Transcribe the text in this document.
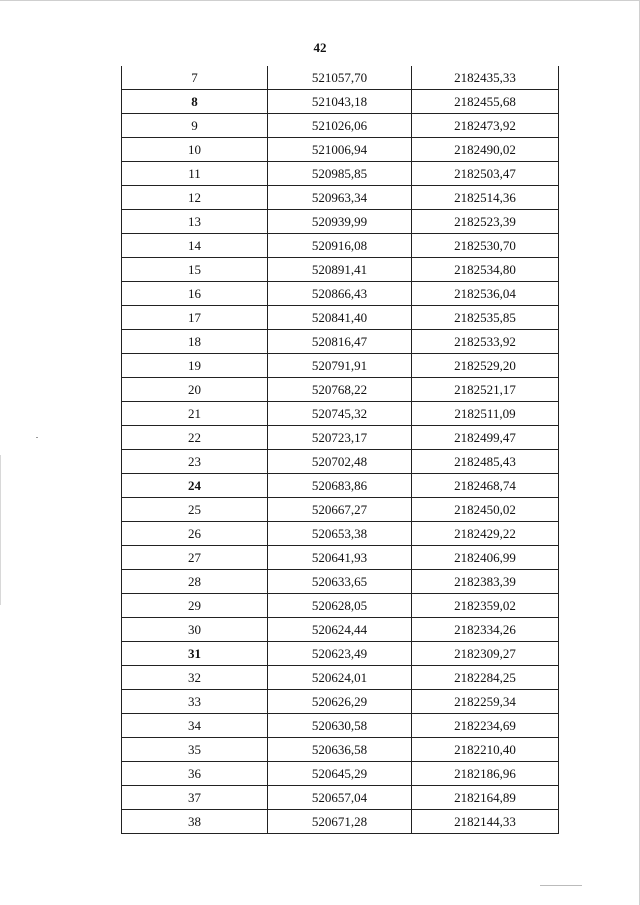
42
7	521057,70	2182435,33
8	521043,18	2182455,68
9	521026,06	2182473,92
10	521006,94	2182490,02
11	520985,85	2182503,47
12	520963,34	2182514,36
13	520939,99	2182523,39
14	520916,08	2182530,70
15	520891,41	2182534,80
16	520866,43	2182536,04
17	520841,40	2182535,85
18	520816,47	2182533,92
19	520791,91	2182529,20
20	520768,22	2182521,17
21	520745,32	2182511,09
22	520723,17	2182499,47
23	520702,48	2182485,43
24	520683,86	2182468,74
25	520667,27	2182450,02
26	520653,38	2182429,22
27	520641,93	2182406,99
28	520633,65	2182383,39
29	520628,05	2182359,02
30	520624,44	2182334,26
31	520623,49	2182309,27
32	520624,01	2182284,25
33	520626,29	2182259,34
34	520630,58	2182234,69
35	520636,58	2182210,40
36	520645,29	2182186,96
37	520657,04	2182164,89
38	520671,28	2182144,33
